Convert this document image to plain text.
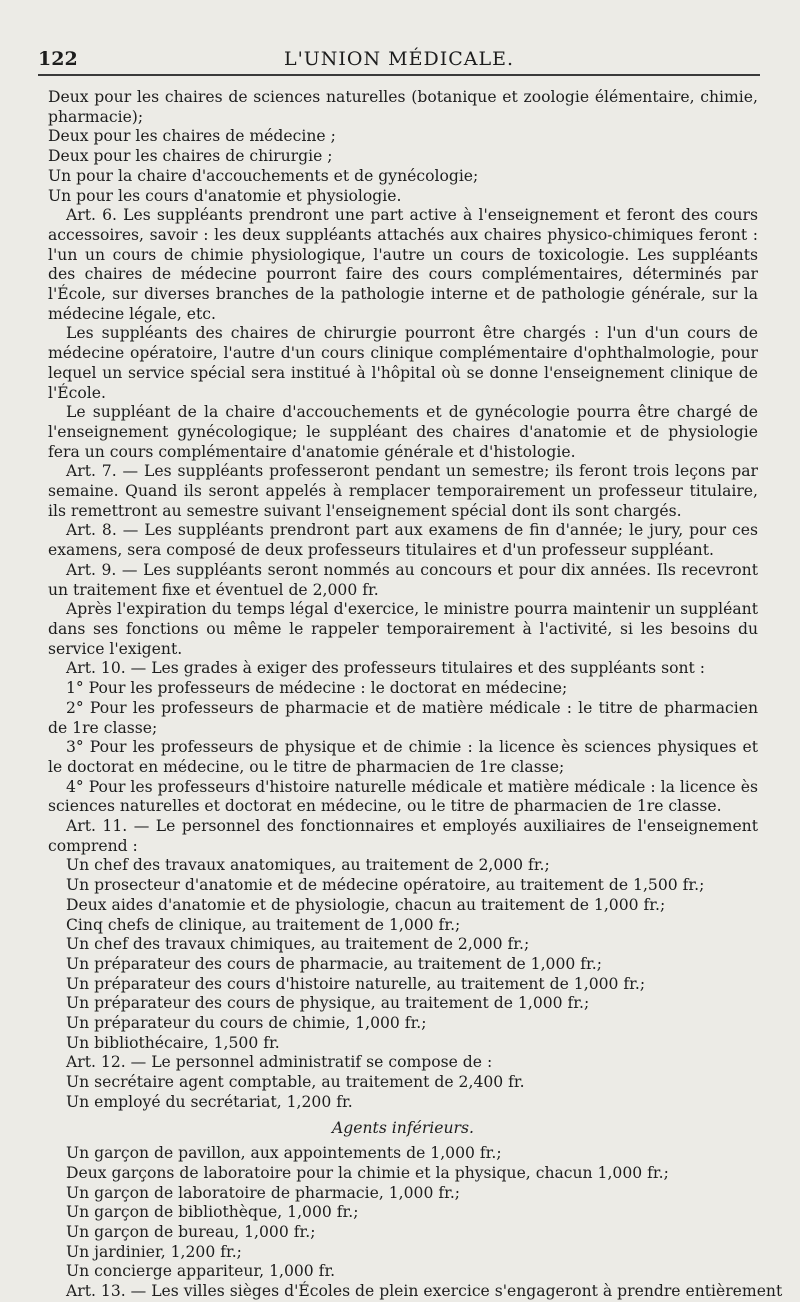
122	L'UNION MÉDICALE.

Deux pour les chaires de sciences naturelles (botanique et zoologie élémentaire, chimie, pharmacie);

Deux pour les chaires de médecine ;

Deux pour les chaires de chirurgie ;

Un pour la chaire d'accouchements et de gynécologie;

Un pour les cours d'anatomie et physiologie.

Art. 6. Les suppléants prendront une part active à l'enseignement et feront des cours accessoires, savoir : les deux suppléants attachés aux chaires physico-chimiques feront : l'un un cours de chimie physiologique, l'autre un cours de toxicologie. Les suppléants des chaires de médecine pourront faire des cours complémentaires, déterminés par l'École, sur diverses branches de la pathologie interne et de pathologie générale, sur la médecine légale, etc.

Les suppléants des chaires de chirurgie pourront être chargés : l'un d'un cours de médecine opératoire, l'autre d'un cours clinique complémentaire d'ophthalmologie, pour lequel un service spécial sera institué à l'hôpital où se donne l'enseignement clinique de l'École.

Le suppléant de la chaire d'accouchements et de gynécologie pourra être chargé de l'enseignement gynécologique; le suppléant des chaires d'anatomie et de physiologie fera un cours complémentaire d'anatomie générale et d'histologie.

Art. 7. — Les suppléants professeront pendant un semestre; ils feront trois leçons par semaine. Quand ils seront appelés à remplacer temporairement un professeur titulaire, ils remettront au semestre suivant l'enseignement spécial dont ils sont chargés.

Art. 8. — Les suppléants prendront part aux examens de fin d'année; le jury, pour ces examens, sera composé de deux professeurs titulaires et d'un professeur suppléant.

Art. 9. — Les suppléants seront nommés au concours et pour dix années. Ils recevront un traitement fixe et éventuel de 2,000 fr.

Après l'expiration du temps légal d'exercice, le ministre pourra maintenir un suppléant dans ses fonctions ou même le rappeler temporairement à l'activité, si les besoins du service l'exigent.

Art. 10. — Les grades à exiger des professeurs titulaires et des suppléants sont :

1° Pour les professeurs de médecine : le doctorat en médecine;

2° Pour les professeurs de pharmacie et de matière médicale : le titre de pharmacien de 1re classe;

3° Pour les professeurs de physique et de chimie : la licence ès sciences physiques et le doctorat en médecine, ou le titre de pharmacien de 1re classe;

4° Pour les professeurs d'histoire naturelle médicale et matière médicale : la licence ès sciences naturelles et doctorat en médecine, ou le titre de pharmacien de 1re classe.

Art. 11. — Le personnel des fonctionnaires et employés auxiliaires de l'enseignement comprend :

Un chef des travaux anatomiques, au traitement de 2,000 fr.;

Un prosecteur d'anatomie et de médecine opératoire, au traitement de 1,500 fr.;

Deux aides d'anatomie et de physiologie, chacun au traitement de 1,000 fr.;

Cinq chefs de clinique, au traitement de 1,000 fr.;

Un chef des travaux chimiques, au traitement de 2,000 fr.;

Un préparateur des cours de pharmacie, au traitement de 1,000 fr.;

Un préparateur des cours d'histoire naturelle, au traitement de 1,000 fr.;

Un préparateur des cours de physique, au traitement de 1,000 fr.;

Un préparateur du cours de chimie, 1,000 fr.;

Un bibliothécaire, 1,500 fr.

Art. 12. — Le personnel administratif se compose de :

Un secrétaire agent comptable, au traitement de 2,400 fr.

Un employé du secrétariat, 1,200 fr.

Agents inférieurs.

Un garçon de pavillon, aux appointements de 1,000 fr.;

Deux garçons de laboratoire pour la chimie et la physique, chacun 1,000 fr.;

Un garçon de laboratoire de pharmacie, 1,000 fr.;

Un garçon de bibliothèque, 1,000 fr.;

Un garçon de bureau, 1,000 fr.;

Un jardinier, 1,200 fr.;

Un concierge appariteur, 1,000 fr.

Art. 13. — Les villes sièges d'Écoles de plein exercice s'engageront à prendre entièrement
